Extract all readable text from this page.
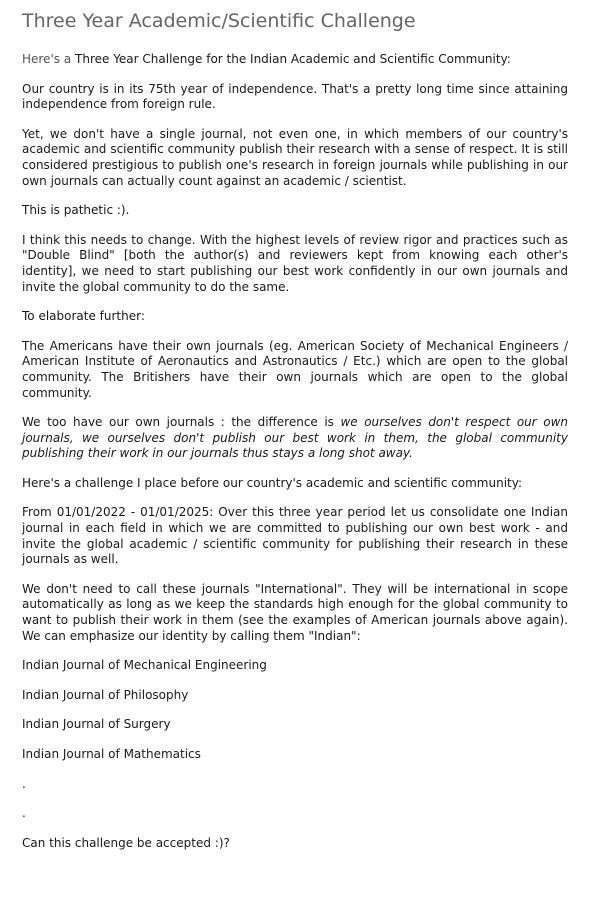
Three Year Academic/Scientific Challenge

Here's a Three Year Challenge for the Indian Academic and Scientific Community:

Our country is in its 75th year of independence. That's a pretty long time since attaining independence from foreign rule.

Yet, we don't have a single journal, not even one, in which members of our country's academic and scientific community publish their research with a sense of respect. It is still considered prestigious to publish one's research in foreign journals while publishing in our own journals can actually count against an academic / scientist.

This is pathetic :).

I think this needs to change. With the highest levels of review rigor and practices such as "Double Blind" [both the author(s) and reviewers kept from knowing each other's identity], we need to start publishing our best work confidently in our own journals and invite the global community to do the same.

To elaborate further:

The Americans have their own journals (eg. American Society of Mechanical Engineers / American Institute of Aeronautics and Astronautics / Etc.) which are open to the global community. The Britishers have their own journals which are open to the global community.

We too have our own journals : the difference is we ourselves don't respect our own journals, we ourselves don't publish our best work in them, the global community publishing their work in our journals thus stays a long shot away.

Here's a challenge I place before our country's academic and scientific community:

From 01/01/2022 - 01/01/2025: Over this three year period let us consolidate one Indian journal in each field in which we are committed to publishing our own best work - and invite the global academic / scientific community for publishing their research in these journals as well.

We don't need to call these journals "International". They will be international in scope automatically as long as we keep the standards high enough for the global community to want to publish their work in them (see the examples of American journals above again). We can emphasize our identity by calling them "Indian":

Indian Journal of Mechanical Engineering

Indian Journal of Philosophy

Indian Journal of Surgery

Indian Journal of Mathematics

.

.

Can this challenge be accepted :)?
